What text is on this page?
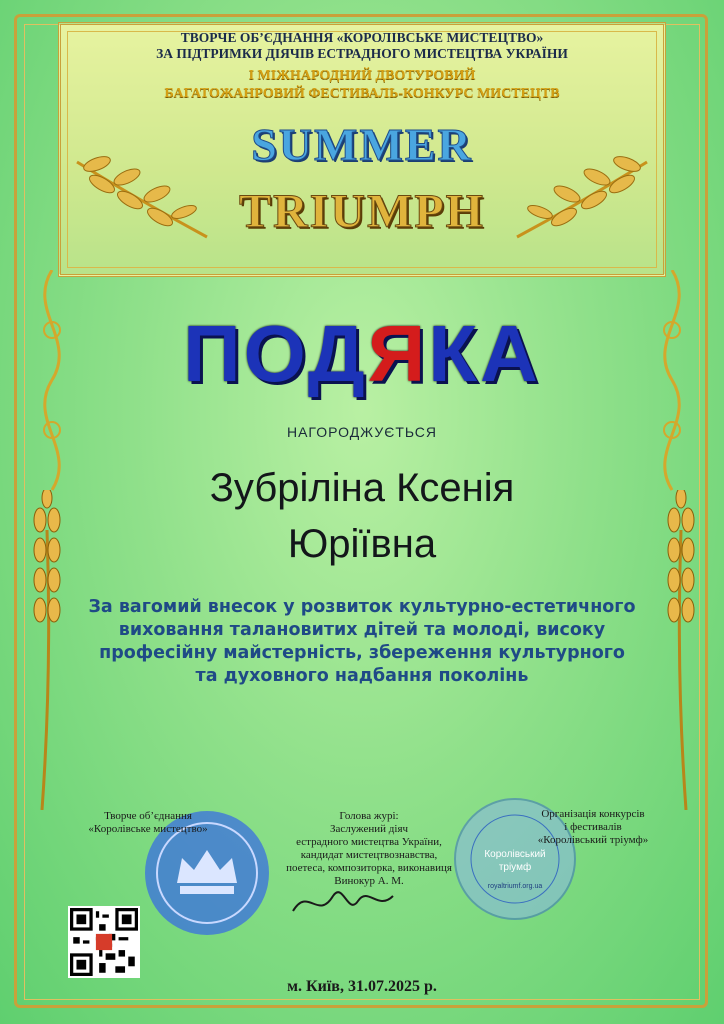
ТВОРЧЕ ОБ’ЄДНАННЯ «КОРОЛІВСЬКЕ МИСТЕЦТВО»
ЗА ПІДТРИМКИ ДІЯЧІВ ЕСТРАДНОГО МИСТЕЦТВА УКРАЇНИ
І МІЖНАРОДНИЙ ДВОТУРОВИЙ
БАГАТОЖАНРОВИЙ ФЕСТИВАЛЬ-КОНКУРС МИСТЕЦТВ
SUMMER
TRIUMPH
ПОДЯКА
НАГОРОДЖУЄТЬСЯ
Зубріліна Ксенія
Юріївна
За вагомий внесок у розвиток культурно-естетичного
виховання талановитих дітей та молоді, високу
професійну майстерність, збереження культурного
та духовного надбання поколінь
Королівський
тріумф
royaltriumf.org.ua
Творче об’єднання
«Королівське мистецтво»
Голова журі:
Заслужений діяч
естрадного мистецтва України,
кандидат мистецтвознавства,
поетеса, композиторка, виконавиця
Винокур А. М.
Організація конкурсів
і фестивалів
«Королівський тріумф»
м. Київ, 31.07.2025 р.
